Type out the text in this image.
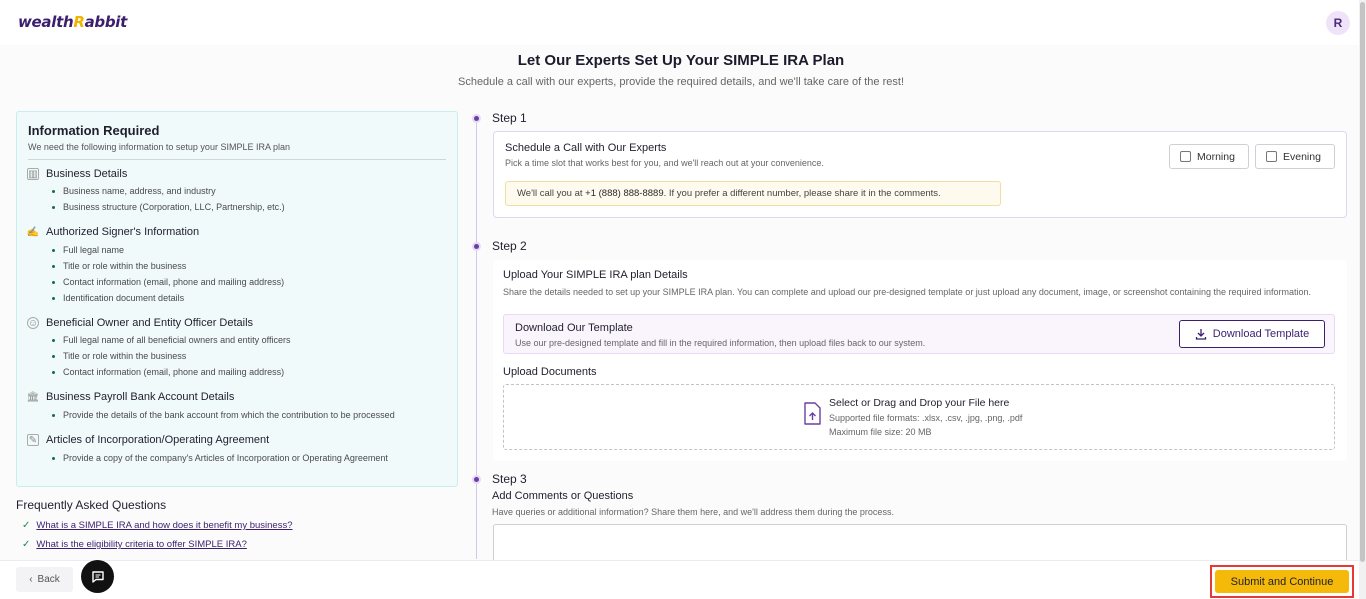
wealthRabbit	R
Let Our Experts Set Up Your SIMPLE IRA Plan
Schedule a call with our experts, provide the required details, and we'll take care of the rest!
Information Required
We need the following information to setup your SIMPLE IRA plan
▥ Business Details
Business name, address, and industry
Business structure (Corporation, LLC, Partnership, etc.)
✍ Authorized Signer's Information
Full legal name
Title or role within the business
Contact information (email, phone and mailing address)
Identification document details
☺ Beneficial Owner and Entity Officer Details
Full legal name of all beneficial owners and entity officers
Title or role within the business
Contact information (email, phone and mailing address)
🏛 Business Payroll Bank Account Details
Provide the details of the bank account from which the contribution to be processed
✎ Articles of Incorporation/Operating Agreement
Provide a copy of the company's Articles of Incorporation or Operating Agreement
Frequently Asked Questions
✓ What is a SIMPLE IRA and how does it benefit my business?
✓ What is the eligibility criteria to offer SIMPLE IRA?
Step 1
Schedule a Call with Our Experts
Pick a time slot that works best for you, and we'll reach out at your convenience.
We'll call you at +1 (888) 888-8889. If you prefer a different number, please share it in the comments.
Morning	Evening
Step 2
Upload Your SIMPLE IRA plan Details
Share the details needed to set up your SIMPLE IRA plan. You can complete and upload our pre-designed template or just upload any document, image, or screenshot containing the required information.
Download Our Template
Use our pre-designed template and fill in the required information, then upload files back to our system.
Download Template
Upload Documents
Select or Drag and Drop your File here
Supported file formats: .xlsx, .csv, .jpg, .png, .pdf
Maximum file size: 20 MB
Step 3
Add Comments or Questions
Have queries or additional information? Share them here, and we'll address them during the process.
‹ Back	Submit and Continue
